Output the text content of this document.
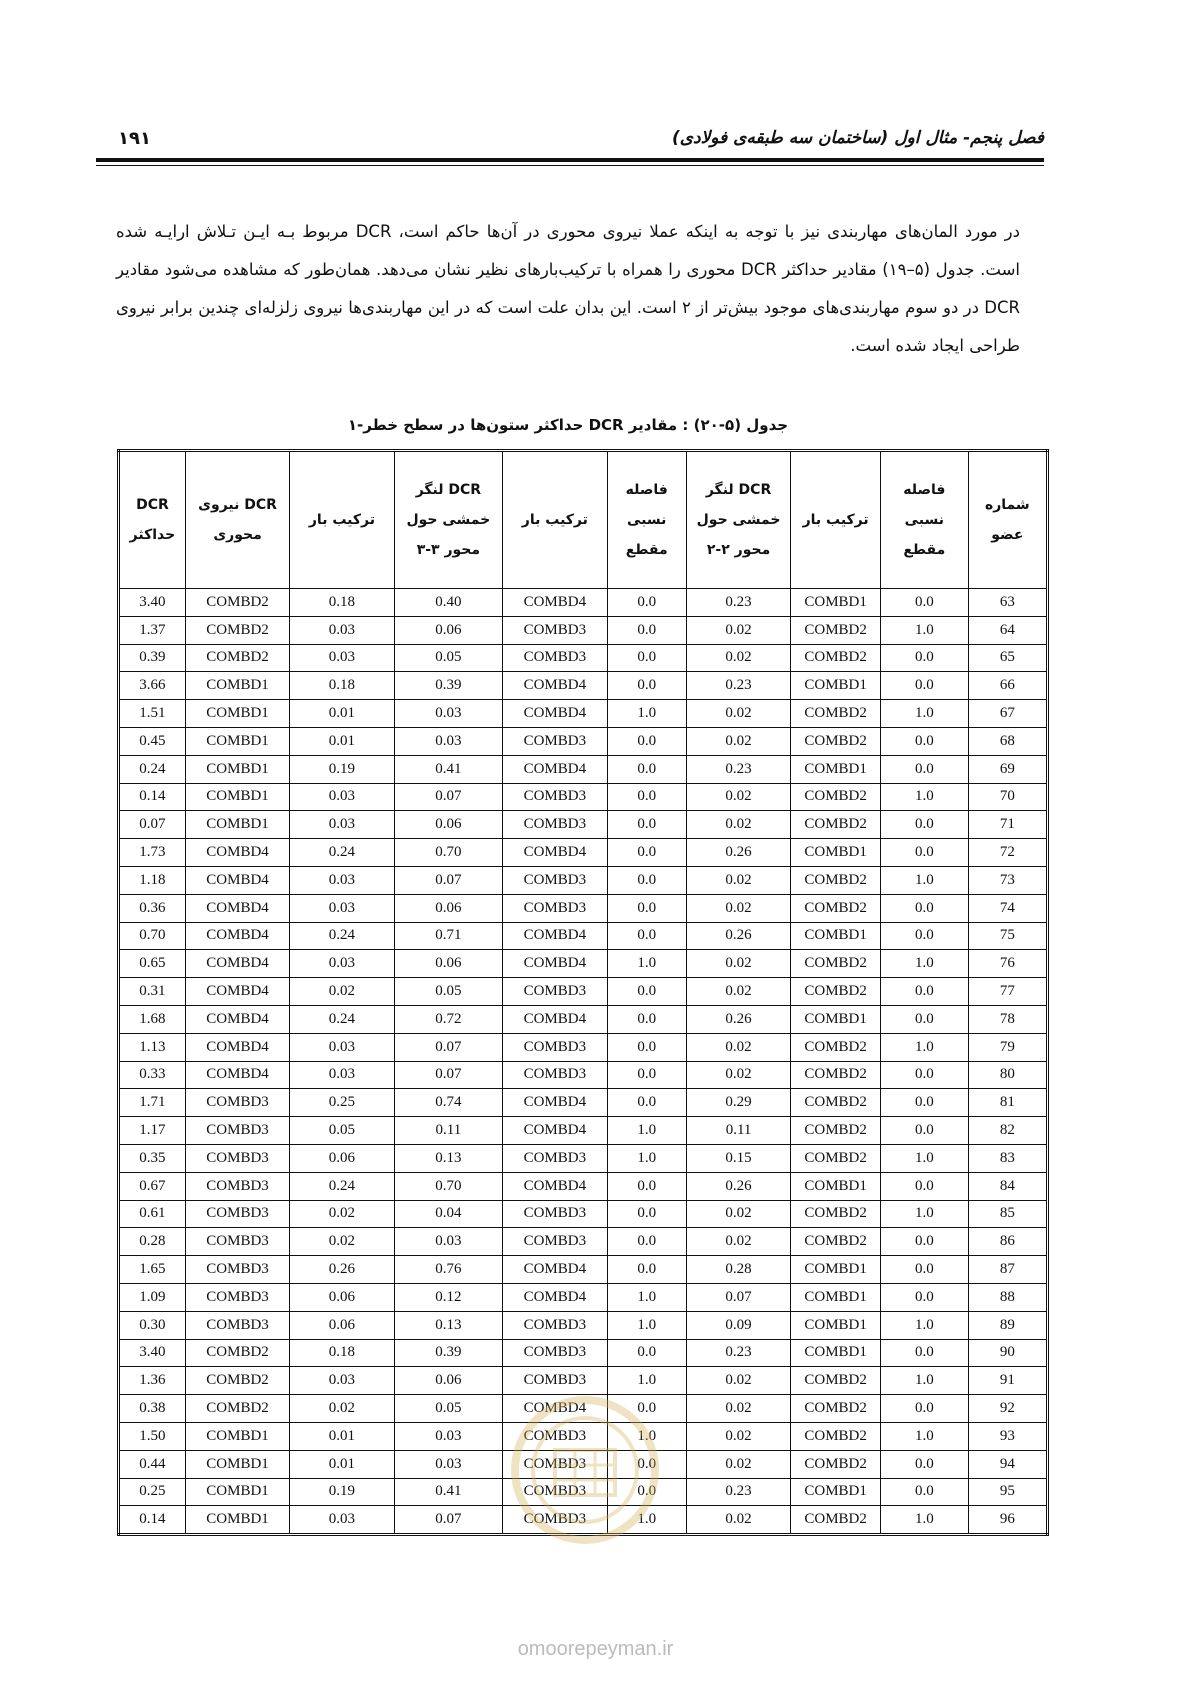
فصل پنجم- مثال اول (ساختمان سه طبقه‌ی فولادی)
۱۹۱
در مورد المان‌های مهاربندی نیز با توجه به اینکه عملا نیروی محوری در آن‌ها حاکم است، DCR مربوط بـه ایـن تـلاش ارایـه شده است. جدول (۵–۱۹) مقادیر حداکثر DCR محوری را همراه با ترکیب‌بارهای نظیر نشان می‌دهد. همان‌طور که مشاهده می‌شود مقادیر DCR در دو سوم مهاربندی‌های موجود بیش‌تر از ۲ است. این بدان علت است که در این مهاربندی‌ها نیروی زلزله‌ای چندین برابر نیروی طراحی ایجاد شده است.
جدول (۵-۲۰) : مقادیر DCR حداکثر ستون‌ها در سطح خطر-۱
شماره عضو	فاصله نسبی مقطع	ترکیب بار	DCR لنگر خمشی حول محور ۲-۲	فاصله نسبی مقطع	ترکیب بار	DCR لنگر خمشی حول محور ۳-۳	ترکیب بار	DCR نیروی محوری	DCR حداکثر
63	0.0	COMBD1	0.23	0.0	COMBD4	0.40	0.18	COMBD2	3.40
64	1.0	COMBD2	0.02	0.0	COMBD3	0.06	0.03	COMBD2	1.37
65	0.0	COMBD2	0.02	0.0	COMBD3	0.05	0.03	COMBD2	0.39
66	0.0	COMBD1	0.23	0.0	COMBD4	0.39	0.18	COMBD1	3.66
67	1.0	COMBD2	0.02	1.0	COMBD4	0.03	0.01	COMBD1	1.51
68	0.0	COMBD2	0.02	0.0	COMBD3	0.03	0.01	COMBD1	0.45
69	0.0	COMBD1	0.23	0.0	COMBD4	0.41	0.19	COMBD1	0.24
70	1.0	COMBD2	0.02	0.0	COMBD3	0.07	0.03	COMBD1	0.14
71	0.0	COMBD2	0.02	0.0	COMBD3	0.06	0.03	COMBD1	0.07
72	0.0	COMBD1	0.26	0.0	COMBD4	0.70	0.24	COMBD4	1.73
73	1.0	COMBD2	0.02	0.0	COMBD3	0.07	0.03	COMBD4	1.18
74	0.0	COMBD2	0.02	0.0	COMBD3	0.06	0.03	COMBD4	0.36
75	0.0	COMBD1	0.26	0.0	COMBD4	0.71	0.24	COMBD4	0.70
76	1.0	COMBD2	0.02	1.0	COMBD4	0.06	0.03	COMBD4	0.65
77	0.0	COMBD2	0.02	0.0	COMBD3	0.05	0.02	COMBD4	0.31
78	0.0	COMBD1	0.26	0.0	COMBD4	0.72	0.24	COMBD4	1.68
79	1.0	COMBD2	0.02	0.0	COMBD3	0.07	0.03	COMBD4	1.13
80	0.0	COMBD2	0.02	0.0	COMBD3	0.07	0.03	COMBD4	0.33
81	0.0	COMBD2	0.29	0.0	COMBD4	0.74	0.25	COMBD3	1.71
82	0.0	COMBD2	0.11	1.0	COMBD4	0.11	0.05	COMBD3	1.17
83	1.0	COMBD2	0.15	1.0	COMBD3	0.13	0.06	COMBD3	0.35
84	0.0	COMBD1	0.26	0.0	COMBD4	0.70	0.24	COMBD3	0.67
85	1.0	COMBD2	0.02	0.0	COMBD3	0.04	0.02	COMBD3	0.61
86	0.0	COMBD2	0.02	0.0	COMBD3	0.03	0.02	COMBD3	0.28
87	0.0	COMBD1	0.28	0.0	COMBD4	0.76	0.26	COMBD3	1.65
88	0.0	COMBD1	0.07	1.0	COMBD4	0.12	0.06	COMBD3	1.09
89	1.0	COMBD1	0.09	1.0	COMBD3	0.13	0.06	COMBD3	0.30
90	0.0	COMBD1	0.23	0.0	COMBD3	0.39	0.18	COMBD2	3.40
91	1.0	COMBD2	0.02	1.0	COMBD3	0.06	0.03	COMBD2	1.36
92	0.0	COMBD2	0.02	0.0	COMBD4	0.05	0.02	COMBD2	0.38
93	1.0	COMBD2	0.02	1.0	COMBD3	0.03	0.01	COMBD1	1.50
94	0.0	COMBD2	0.02	0.0	COMBD3	0.03	0.01	COMBD1	0.44
95	0.0	COMBD1	0.23	0.0	COMBD3	0.41	0.19	COMBD1	0.25
96	1.0	COMBD2	0.02	1.0	COMBD3	0.07	0.03	COMBD1	0.14
omoorepeyman.ir
